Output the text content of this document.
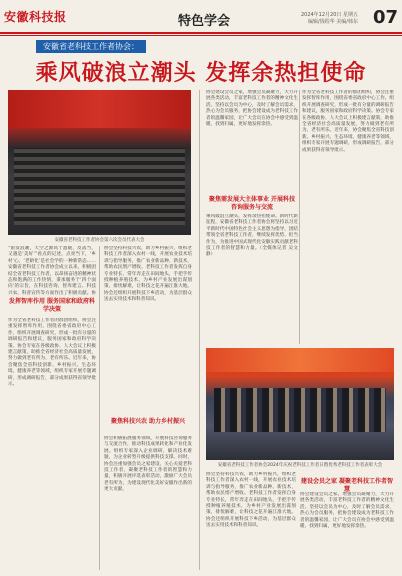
安徽科技报	特色学会	2024年12月20日 星期五
编辑/钱程华 美编/韩东 07
安徽省老科技工作者协会：
乘风破浪立潮头 发挥余热担使命
安徽省老科技工作者协会第六次会员代表大会
发挥智库作用 服务国家和政府科学决策
聚焦科技兴农 助力乡村振兴
聚焦需发展大主体事业 开展科技咨询服务与交流
建设会员之家 凝聚老科技工作者智慧
“银发浪潮，天空之源高于盈暖，皮落当，又遇是‘美好’”看点的记述，点亮当下，‘乡村’心，‘老龄化’是社会学的一种新常态……安徽省老科技工作者协会成立以来，积极团结全省老科技工作者，以昂扬奋进的精神状态和饱满的工作热情，秉承服务于‘四个面向’的宗旨，在科技咨询、智库建言、科技兴农、科普宣传等方面作出了积极贡献。协
作为全省老科技工作者的群团组织，协会注重发挥智库作用，围绕省委省政府中心工作，组织开展调查研究，形成一批有分量的调研报告和建议，服务国家和政府科学决策。协会专家在各级政协、人大会议上积极建言献策，助推全省经济社会高质量发展，努力做到老有所为、老有所乐。近年来，协会聚焦全省科技创新、乡村振兴、生态环境、健康养老等领域，组织专家开展专题调研，形成调研报告，部分成果获得省领导批示。
协会坚持科技兴农，助力乡村振兴，组织老科技工作者深入农村一线，开展农业技术培训与指导服务，推广农业新品种、新技术，帮助农民增产增收。老科技工作者发挥自身专业特长，常年奔走在田间地头，手把手传授种植养殖技术，为乡村产业发展出谋划策、排忧解难，让科技之花开遍江淮大地。协会还组织开展科技下乡活动，为基层群众送去实用技术和科普知识。
协会积极拓展服务领域，开展科技咨询服务与交流合作，推动科技成果转化和产业化发展。组织专家深入企业调研，解决技术难题，为企业转型升级提供科技支撑。同时，协会注重加强会员之家建设，关心关爱老科技工作者，凝聚老科技工作者的智慧和力量，积极开展评选表彰活动，激励广大会员老有所为，为建设现代化美好安徽作出新的更大贡献。
协会建设会员之家，增强会员凝聚力，大力开展各类活动，丰富老科技工作者的精神文化生活。坚持以会员为中心，及时了解会员需求，热心为会员服务，把协会建设成为老科技工作者的温馨家园，让广大会员在协会中感受到温暖、找到归属，更好地发挥余热。
乘风破浪立潮头，发挥余热担使命。新时代新征程，安徽省老科技工作者协会将坚持以习近平新时代中国特色社会主义思想为指导，团结带领全省老科技工作者，继续发挥优势、担当作为，为推进中国式现代化安徽实践贡献老科技工作者的智慧和力量。（全媒体记者 吴文静）
作为全省老科技工作者的群团组织，协会注重发挥智库作用，围绕省委省政府中心工作，组织开展调查研究，形成一批有分量的调研报告和建议，服务国家和政府科学决策。协会专家在各级政协、人大会议上积极建言献策，助推全省经济社会高质量发展，努力做到老有所为、老有所乐。近年来，协会聚焦全省科技创新、乡村振兴、生态环境、健康养老等领域，组织专家开展专题调研，形成调研报告，部分成果获得省领导批示。
协会坚持科技兴农，助力乡村振兴，组织老科技工作者深入农村一线，开展农业技术培训与指导服务，推广农业新品种、新技术，帮助农民增产增收。老科技工作者发挥自身专业特长，常年奔走在田间地头，手把手传授种植养殖技术，为乡村产业发展出谋划策、排忧解难，让科技之花开遍江淮大地。协会还组织开展科技下乡活动，为基层群众送去实用技术和科普知识。
协会建设会员之家，增强会员凝聚力，大力开展各类活动，丰富老科技工作者的精神文化生活。坚持以会员为中心，及时了解会员需求，热心为会员服务，把协会建设成为老科技工作者的温馨家园，让广大会员在协会中感受到温暖、找到归属，更好地发挥余热。
安徽省老科技工作者协会2024年庆祝老科技工作者日暨优秀老科技工作者表彰大会
